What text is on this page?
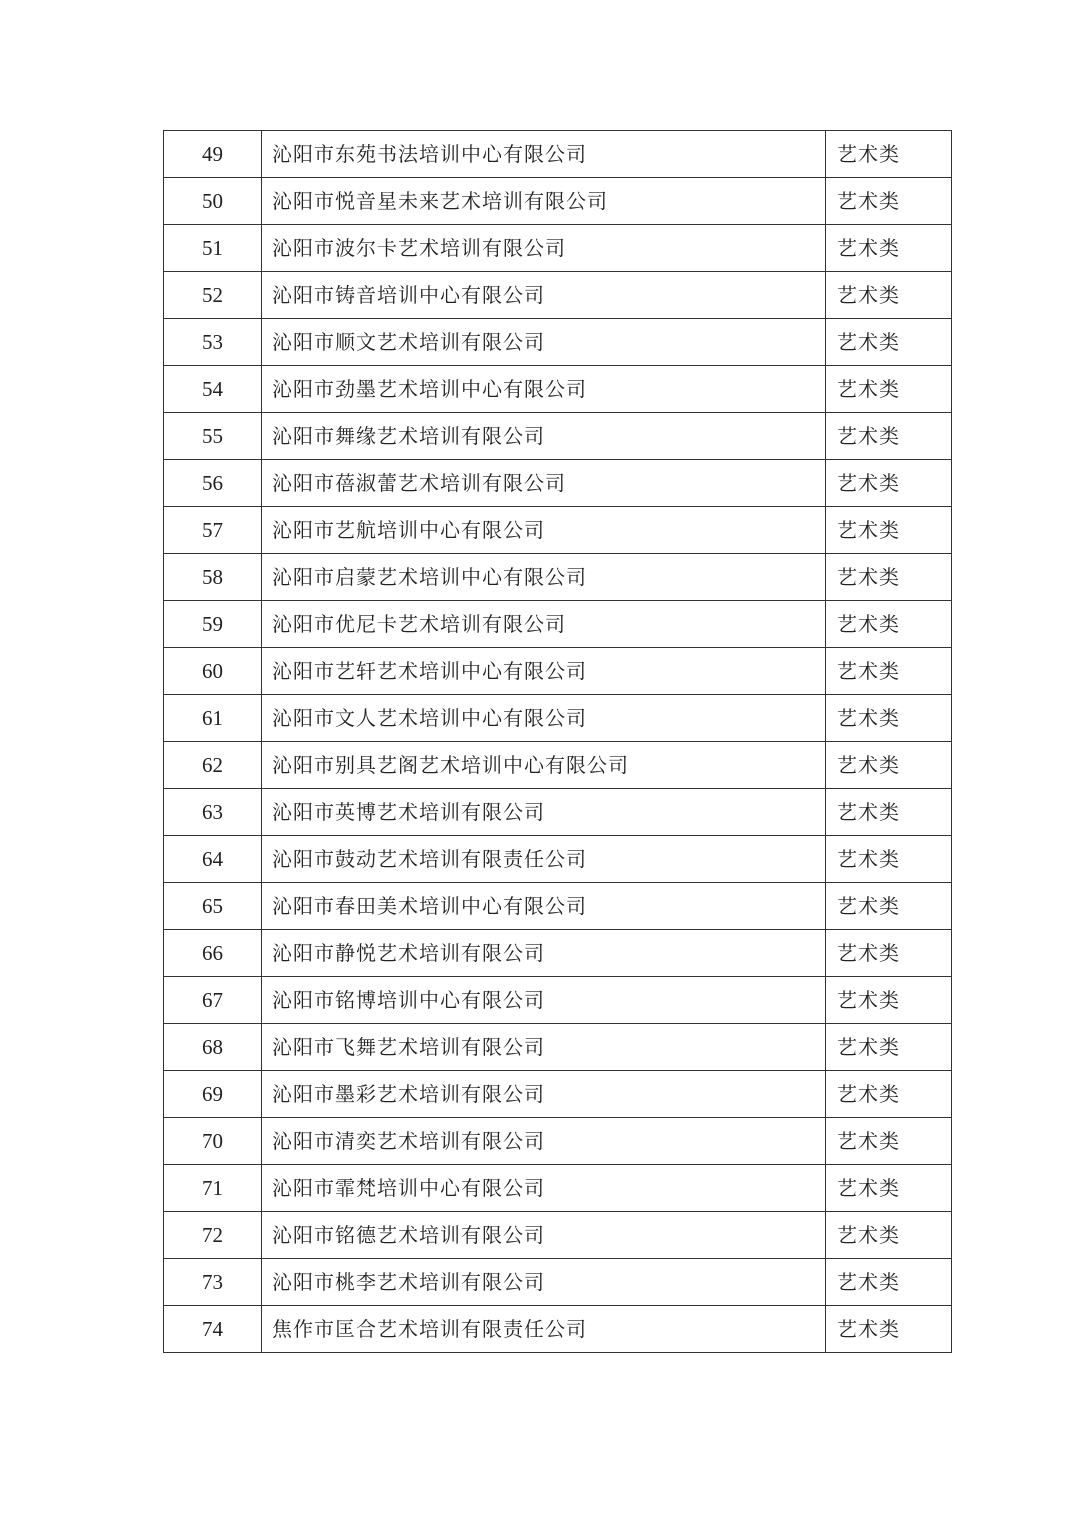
49	沁阳市东苑书法培训中心有限公司	艺术类
50	沁阳市悦音星未来艺术培训有限公司	艺术类
51	沁阳市波尔卡艺术培训有限公司	艺术类
52	沁阳市铸音培训中心有限公司	艺术类
53	沁阳市顺文艺术培训有限公司	艺术类
54	沁阳市劲墨艺术培训中心有限公司	艺术类
55	沁阳市舞缘艺术培训有限公司	艺术类
56	沁阳市蓓淑蕾艺术培训有限公司	艺术类
57	沁阳市艺航培训中心有限公司	艺术类
58	沁阳市启蒙艺术培训中心有限公司	艺术类
59	沁阳市优尼卡艺术培训有限公司	艺术类
60	沁阳市艺轩艺术培训中心有限公司	艺术类
61	沁阳市文人艺术培训中心有限公司	艺术类
62	沁阳市别具艺阁艺术培训中心有限公司	艺术类
63	沁阳市英博艺术培训有限公司	艺术类
64	沁阳市鼓动艺术培训有限责任公司	艺术类
65	沁阳市春田美术培训中心有限公司	艺术类
66	沁阳市静悦艺术培训有限公司	艺术类
67	沁阳市铭博培训中心有限公司	艺术类
68	沁阳市飞舞艺术培训有限公司	艺术类
69	沁阳市墨彩艺术培训有限公司	艺术类
70	沁阳市清奕艺术培训有限公司	艺术类
71	沁阳市霏梵培训中心有限公司	艺术类
72	沁阳市铭德艺术培训有限公司	艺术类
73	沁阳市桃李艺术培训有限公司	艺术类
74	焦作市匡合艺术培训有限责任公司	艺术类
